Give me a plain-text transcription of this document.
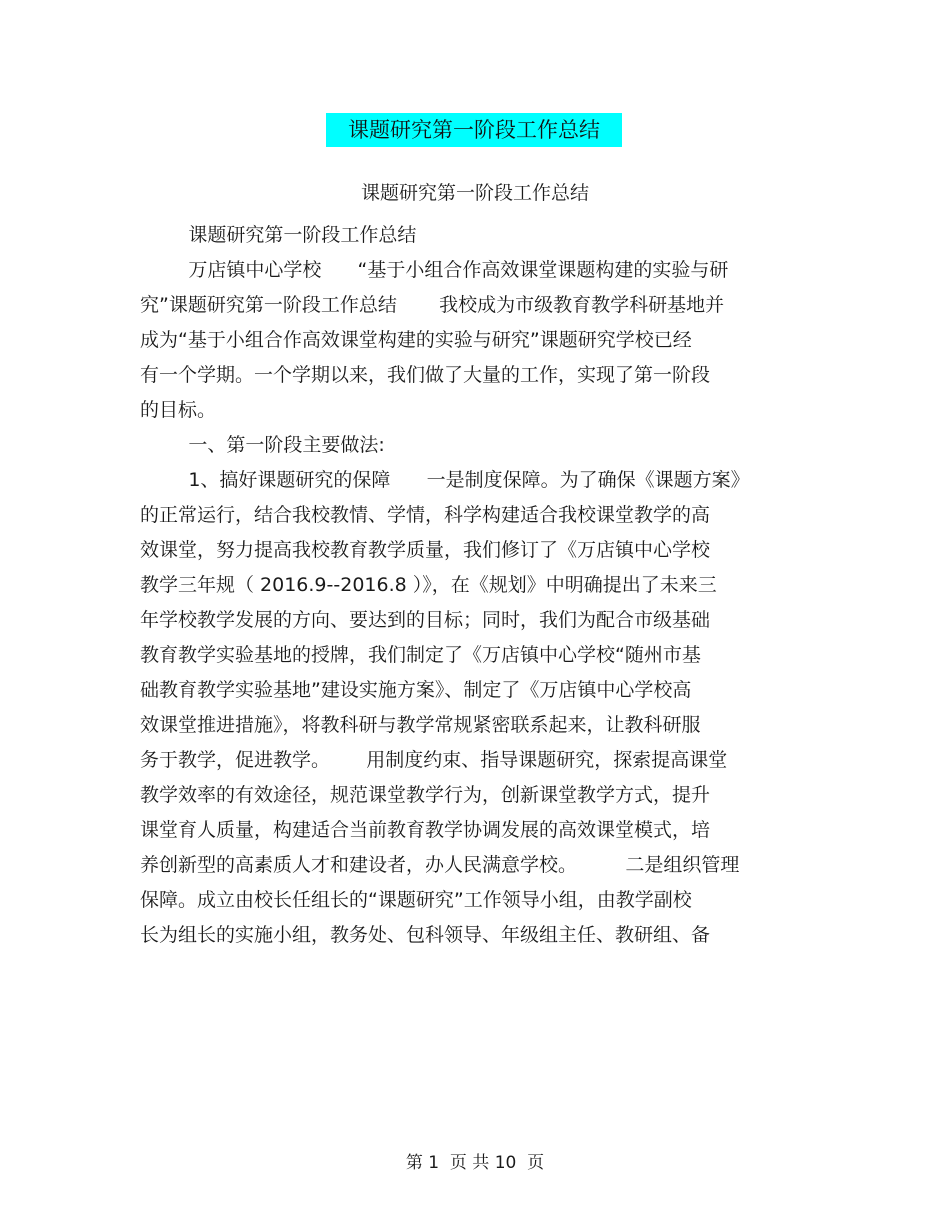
课题研究第一阶段工作总结
课题研究第一阶段工作总结
课题研究第一阶段工作总结
万店镇中心学校      “基于小组合作高效课堂课题构建的实验与研
究”课题研究第一阶段工作总结       我校成为市级教育教学科研基地并
成为“基于小组合作高效课堂构建的实验与研究”课题研究学校已经
有一个学期。一个学期以来，我们做了大量的工作，实现了第一阶段
的目标。
一、第一阶段主要做法:
1、搞好课题研究的保障      一是制度保障。为了确保《课题方案》
的正常运行，结合我校教情、学情，科学构建适合我校课堂教学的高
效课堂，努力提高我校教育教学质量，我们修订了《万店镇中心学校
教学三年规（ 2016.9--2016.8 ）》，在《规划》中明确提出了未来三
年学校教学发展的方向、要达到的目标；同时，我们为配合市级基础
教育教学实验基地的授牌，我们制定了《万店镇中心学校“随州市基
础教育教学实验基地”建设实施方案》、制定了《万店镇中心学校高
效课堂推进措施》，将教科研与教学常规紧密联系起来，让教科研服
务于教学，促进教学。      用制度约束、指导课题研究，探索提高课堂
教学效率的有效途径，规范课堂教学行为，创新课堂教学方式，提升
课堂育人质量，构建适合当前教育教学协调发展的高效课堂模式，培
养创新型的高素质人才和建设者，办人民满意学校。        二是组织管理
保障。成立由校长任组长的“课题研究”工作领导小组，由教学副校
长为组长的实施小组，教务处、包科领导、年级组主任、教研组、备
第 1  页 共 10  页
